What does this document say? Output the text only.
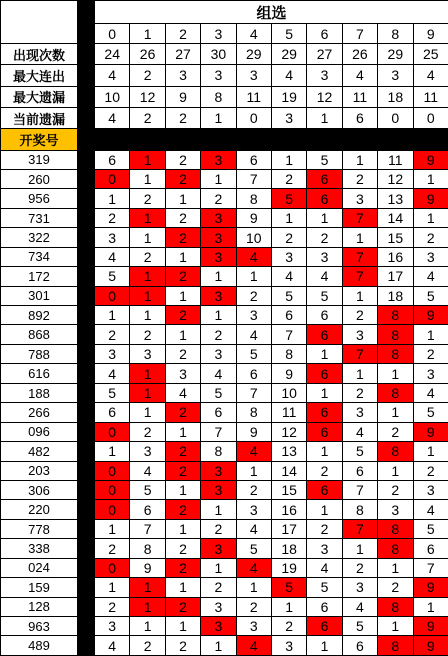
		组选									
		0	1	2	3	4	5	6	7	8	9
出现次数		24	26	27	30	29	29	27	26	29	25
最大连出		4	2	3	3	3	4	3	4	3	4
最大遗漏		10	12	9	8	11	19	12	11	18	11
当前遗漏		4	2	2	1	0	3	1	6	0	0
开奖号											
319		6	1	2	3	6	1	5	1	11	9
260		0	1	2	1	7	2	6	2	12	1
956		1	2	1	2	8	5	6	3	13	9
731		2	1	2	3	9	1	1	7	14	1
322		3	1	2	3	10	2	2	1	15	2
734		4	2	1	3	4	3	3	7	16	3
172		5	1	2	1	1	4	4	7	17	4
301		0	1	1	3	2	5	5	1	18	5
892		1	1	2	1	3	6	6	2	8	9
868		2	2	1	2	4	7	6	3	8	1
788		3	3	2	3	5	8	1	7	8	2
616		4	1	3	4	6	9	6	1	1	3
188		5	1	4	5	7	10	1	2	8	4
266		6	1	2	6	8	11	6	3	1	5
096		0	2	1	7	9	12	6	4	2	9
482		1	3	2	8	4	13	1	5	8	1
203		0	4	2	3	1	14	2	6	1	2
306		0	5	1	3	2	15	6	7	2	3
220		0	6	2	1	3	16	1	8	3	4
778		1	7	1	2	4	17	2	7	8	5
338		2	8	2	3	5	18	3	1	8	6
024		0	9	2	1	4	19	4	2	1	7
159		1	1	1	2	1	5	5	3	2	9
128		2	1	2	3	2	1	6	4	8	1
963		3	1	1	3	3	2	6	5	1	9
489		4	2	2	1	4	3	1	6	8	9
